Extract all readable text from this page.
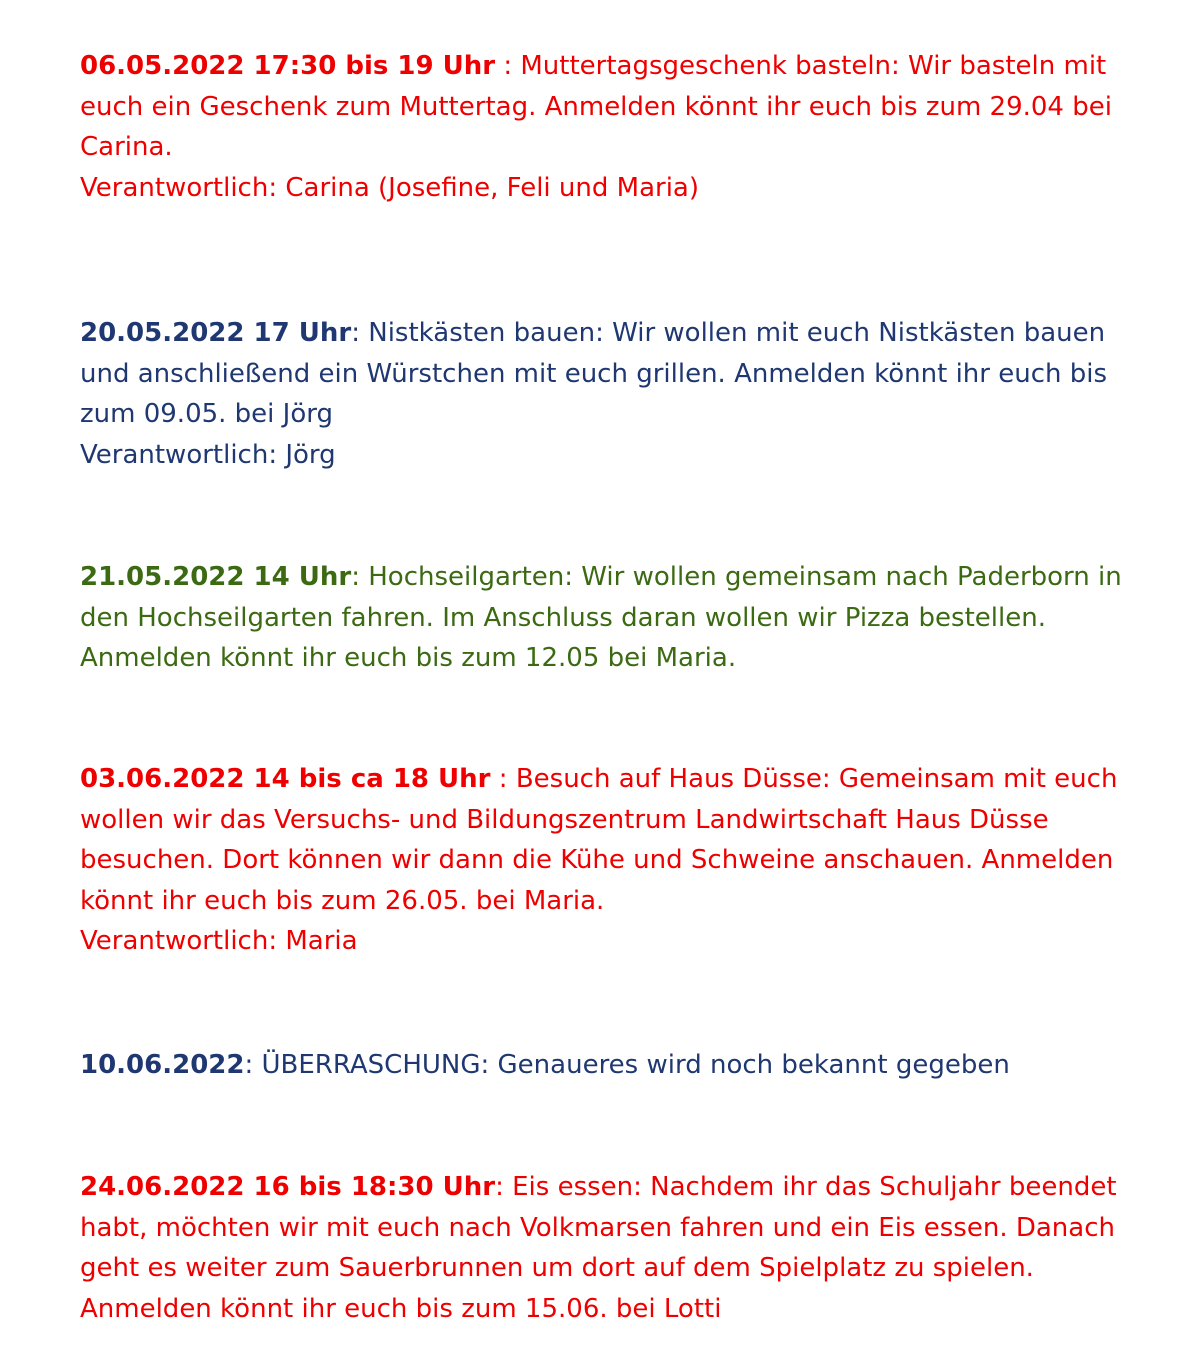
06.05.2022 17:30 bis 19 Uhr : Muttertagsgeschenk basteln: Wir basteln mit euch ein Geschenk zum Muttertag. Anmelden könnt ihr euch bis zum 29.04 bei Carina.
Verantwortlich: Carina (Josefine, Feli und Maria)
20.05.2022 17 Uhr: Nistkästen bauen: Wir wollen mit euch Nistkästen bauen und anschließend ein Würstchen mit euch grillen. Anmelden könnt ihr euch bis zum 09.05. bei Jörg
Verantwortlich: Jörg
21.05.2022 14 Uhr: Hochseilgarten: Wir wollen gemeinsam nach Paderborn in den Hochseilgarten fahren. Im Anschluss daran wollen wir Pizza bestellen. Anmelden könnt ihr euch bis zum 12.05 bei Maria.
03.06.2022 14 bis ca 18 Uhr : Besuch auf Haus Düsse: Gemeinsam mit euch wollen wir das Versuchs- und Bildungszentrum Landwirtschaft Haus Düsse besuchen. Dort können wir dann die Kühe und Schweine anschauen. Anmelden könnt ihr euch bis zum 26.05. bei Maria.
Verantwortlich: Maria
10.06.2022: ÜBERRASCHUNG: Genaueres wird noch bekannt gegeben
24.06.2022 16 bis 18:30 Uhr: Eis essen: Nachdem ihr das Schuljahr beendet habt, möchten wir mit euch nach Volkmarsen fahren und ein Eis essen. Danach geht es weiter zum Sauerbrunnen um dort auf dem Spielplatz zu spielen. Anmelden könnt ihr euch bis zum 15.06. bei Lotti
